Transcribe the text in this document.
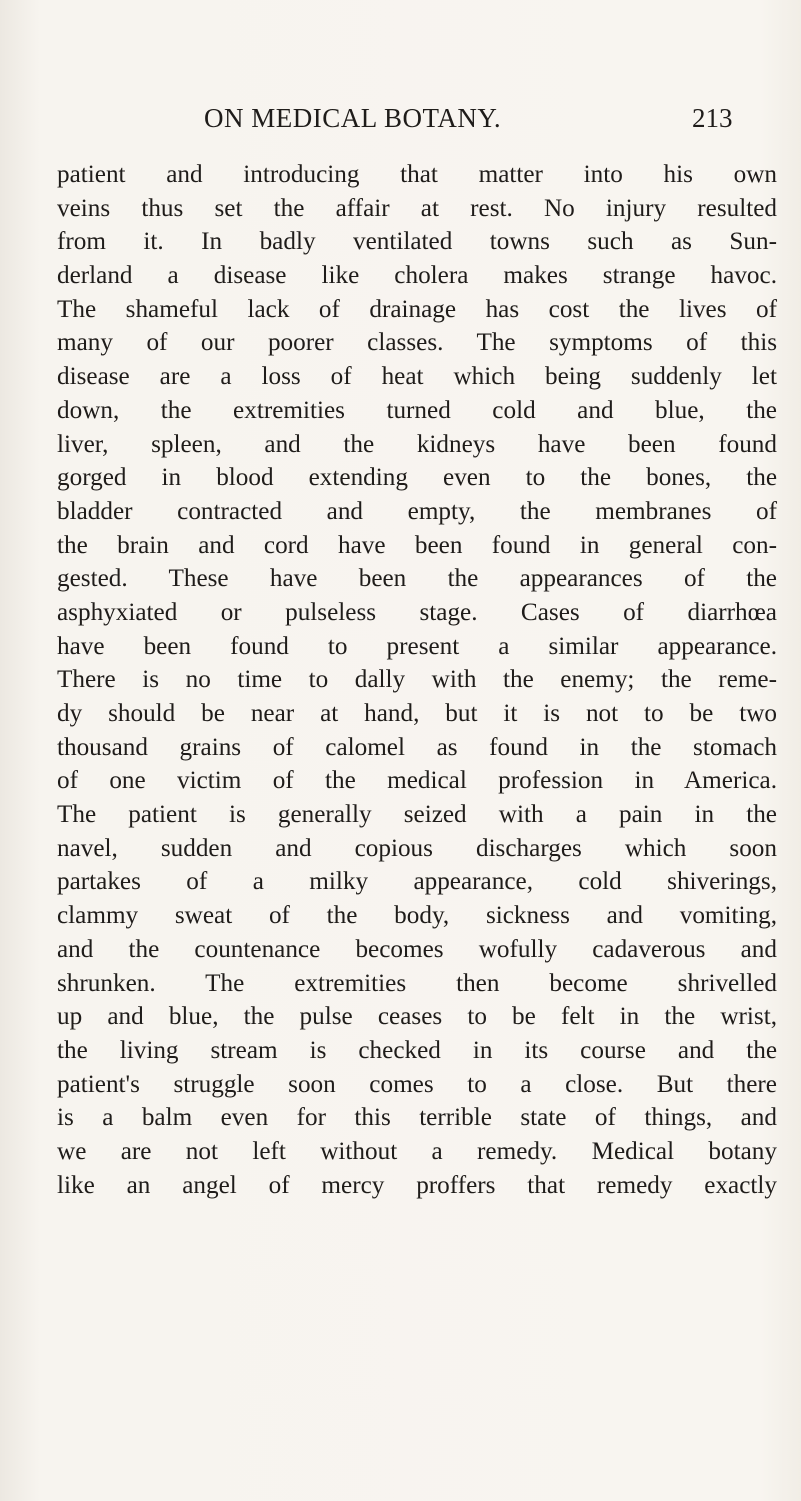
ON MEDICAL BOTANY.	213
patient and introducing that matter into his own
veins thus set the affair at rest. No injury resulted
from it. In badly ventilated towns such as Sun-
derland a disease like cholera makes strange havoc.
The shameful lack of drainage has cost the lives of
many of our poorer classes. The symptoms of this
disease are a loss of heat which being suddenly let
down, the extremities turned cold and blue, the
liver, spleen, and the kidneys have been found
gorged in blood extending even to the bones, the
bladder contracted and empty, the membranes of
the brain and cord have been found in general con-
gested. These have been the appearances of the
asphyxiated or pulseless stage. Cases of diarrhœa
have been found to present a similar appearance.
There is no time to dally with the enemy; the reme-
dy should be near at hand, but it is not to be two
thousand grains of calomel as found in the stomach
of one victim of the medical profession in America.
The patient is generally seized with a pain in the
navel, sudden and copious discharges which soon
partakes of a milky appearance, cold shiverings,
clammy sweat of the body, sickness and vomiting,
and the countenance becomes wofully cadaverous and
shrunken. The extremities then become shrivelled
up and blue, the pulse ceases to be felt in the wrist,
the living stream is checked in its course and the
patient's struggle soon comes to a close. But there
is a balm even for this terrible state of things, and
we are not left without a remedy. Medical botany
like an angel of mercy proffers that remedy exactly
